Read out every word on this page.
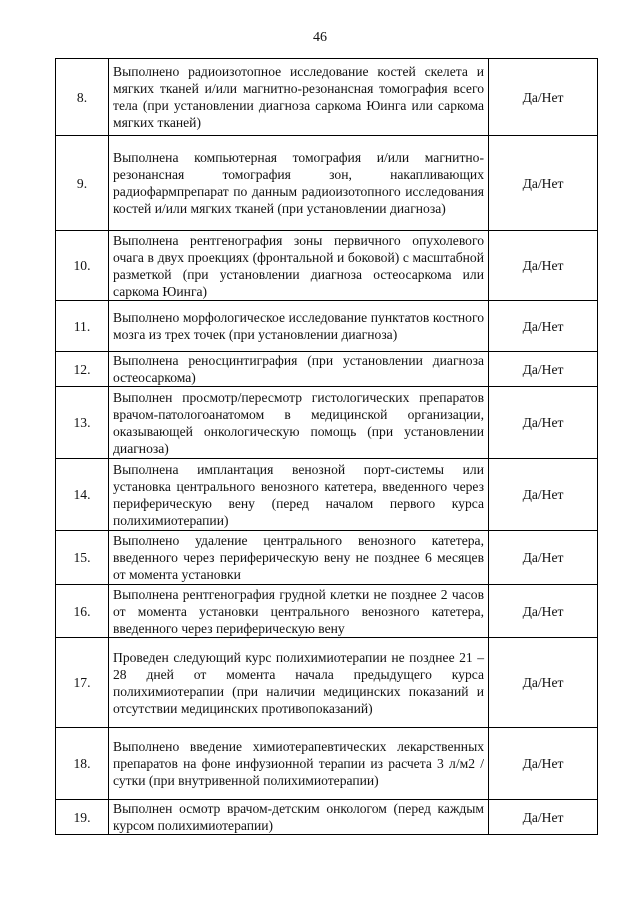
46
8.	Выполнено радиоизотопное исследование костей скелета и мягких тканей и/или магнитно-резонансная томография всего тела (при установлении диагноза саркома Юинга или саркома мягких тканей)	Да/Нет
9.	Выполнена компьютерная томография и/или магнитно-резонансная томография зон, накапливающих радиофармпрепарат по данным радиоизотопного исследования костей и/или мягких тканей (при установлении диагноза)	Да/Нет
10.	Выполнена рентгенография зоны первичного опухолевого очага в двух проекциях (фронтальной и боковой) с масштабной разметкой (при установлении диагноза остеосаркома или саркома Юинга)	Да/Нет
11.	Выполнено морфологическое исследование пунктатов костного мозга из трех точек (при установлении диагноза)	Да/Нет
12.	Выполнена реносцинтиграфия (при установлении диагноза остеосаркома)	Да/Нет
13.	Выполнен просмотр/пересмотр гистологических препаратов врачом-патологоанатомом в медицинской организации, оказывающей онкологическую помощь (при установлении диагноза)	Да/Нет
14.	Выполнена имплантация венозной порт-системы или установка центрального венозного катетера, введенного через периферическую вену (перед началом первого курса полихимиотерапии)	Да/Нет
15.	Выполнено удаление центрального венозного катетера, введенного через периферическую вену не позднее 6 месяцев от момента установки	Да/Нет
16.	Выполнена рентгенография грудной клетки не позднее 2 часов от момента установки центрального венозного катетера, введенного через периферическую вену	Да/Нет
17.	Проведен следующий курс полихимиотерапии не позднее 21 – 28 дней от момента начала предыдущего курса полихимиотерапии (при наличии медицинских показаний и отсутствии медицинских противопоказаний)	Да/Нет
18.	Выполнено введение химиотерапевтических лекарственных препаратов на фоне инфузионной терапии из расчета 3 л/м2 /сутки (при внутривенной полихимиотерапии)	Да/Нет
19.	Выполнен осмотр врачом-детским онкологом (перед каждым курсом полихимиотерапии)	Да/Нет
